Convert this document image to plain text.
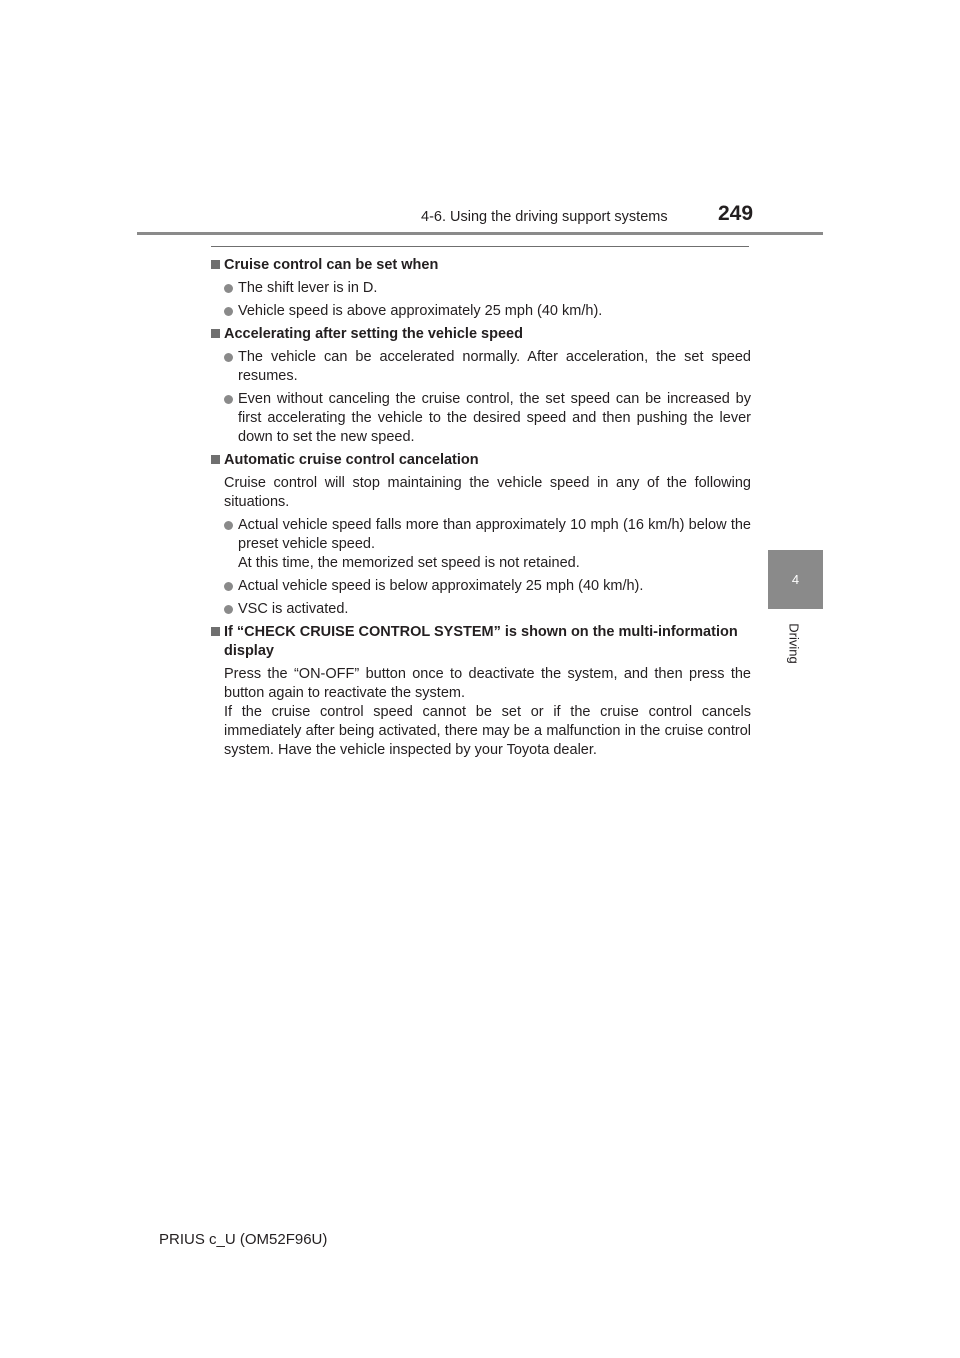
4-6. Using the driving support systems 249
4
Driving
Cruise control can be set when
The shift lever is in D.
Vehicle speed is above approximately 25 mph (40 km/h).
Accelerating after setting the vehicle speed
The vehicle can be accelerated normally. After acceleration, the set speed resumes.
Even without canceling the cruise control, the set speed can be increased by first accelerating the vehicle to the desired speed and then pushing the lever down to set the new speed.
Automatic cruise control cancelation
Cruise control will stop maintaining the vehicle speed in any of the following situations.
Actual vehicle speed falls more than approximately 10 mph (16 km/h) below the preset vehicle speed.
At this time, the memorized set speed is not retained.
Actual vehicle speed is below approximately 25 mph (40 km/h).
VSC is activated.
If “CHECK CRUISE CONTROL SYSTEM” is shown on the multi-information display
Press the “ON-OFF” button once to deactivate the system, and then press the button again to reactivate the system.
If the cruise control speed cannot be set or if the cruise control cancels immediately after being activated, there may be a malfunction in the cruise control system. Have the vehicle inspected by your Toyota dealer.
PRIUS c_U (OM52F96U)
